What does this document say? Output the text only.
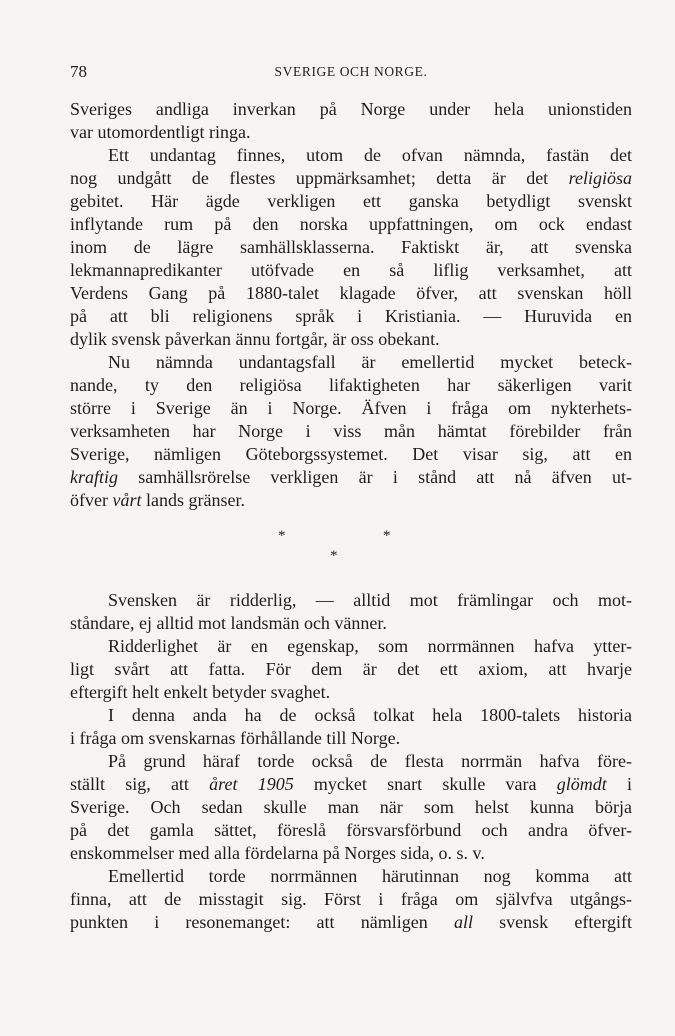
78	SVERIGE OCH NORGE.
Sveriges andliga inverkan på Norge under hela unionstiden
var utomordentligt ringa.
Ett undantag finnes, utom de ofvan nämnda, fastän det
nog undgått de flestes uppmärksamhet; detta är det religiösa
gebitet. Här ägde verkligen ett ganska betydligt svenskt
inflytande rum på den norska uppfattningen, om ock endast
inom de lägre samhällsklasserna. Faktiskt är, att svenska
lekmannapredikanter utöfvade en så liflig verksamhet, att
Verdens Gang på 1880-talet klagade öfver, att svenskan höll
på att bli religionens språk i Kristiania. — Huruvida en
dylik svensk påverkan ännu fortgår, är oss obekant.
Nu nämnda undantagsfall är emellertid mycket beteck-
nande, ty den religiösa lifaktigheten har säkerligen varit
större i Sverige än i Norge. Äfven i fråga om nykterhets-
verksamheten har Norge i viss mån hämtat förebilder från
Sverige, nämligen Göteborgssystemet. Det visar sig, att en
kraftig samhällsrörelse verkligen är i stånd att nå äfven ut-
öfver vårt lands gränser.
*	*
*
Svensken är ridderlig, — alltid mot främlingar och mot-
ståndare, ej alltid mot landsmän och vänner.
Ridderlighet är en egenskap, som norrmännen hafva ytter-
ligt svårt att fatta. För dem är det ett axiom, att hvarje
eftergift helt enkelt betyder svaghet.
I denna anda ha de också tolkat hela 1800-talets historia
i fråga om svenskarnas förhållande till Norge.
På grund häraf torde också de flesta norrmän hafva före-
ställt sig, att året 1905 mycket snart skulle vara glömdt i
Sverige. Och sedan skulle man när som helst kunna börja
på det gamla sättet, föreslå försvarsförbund och andra öfver-
enskommelser med alla fördelarna på Norges sida, o. s. v.
Emellertid torde norrmännen härutinnan nog komma att
finna, att de misstagit sig. Först i fråga om självfva utgångs-
punkten i resonemanget: att nämligen all svensk eftergift
